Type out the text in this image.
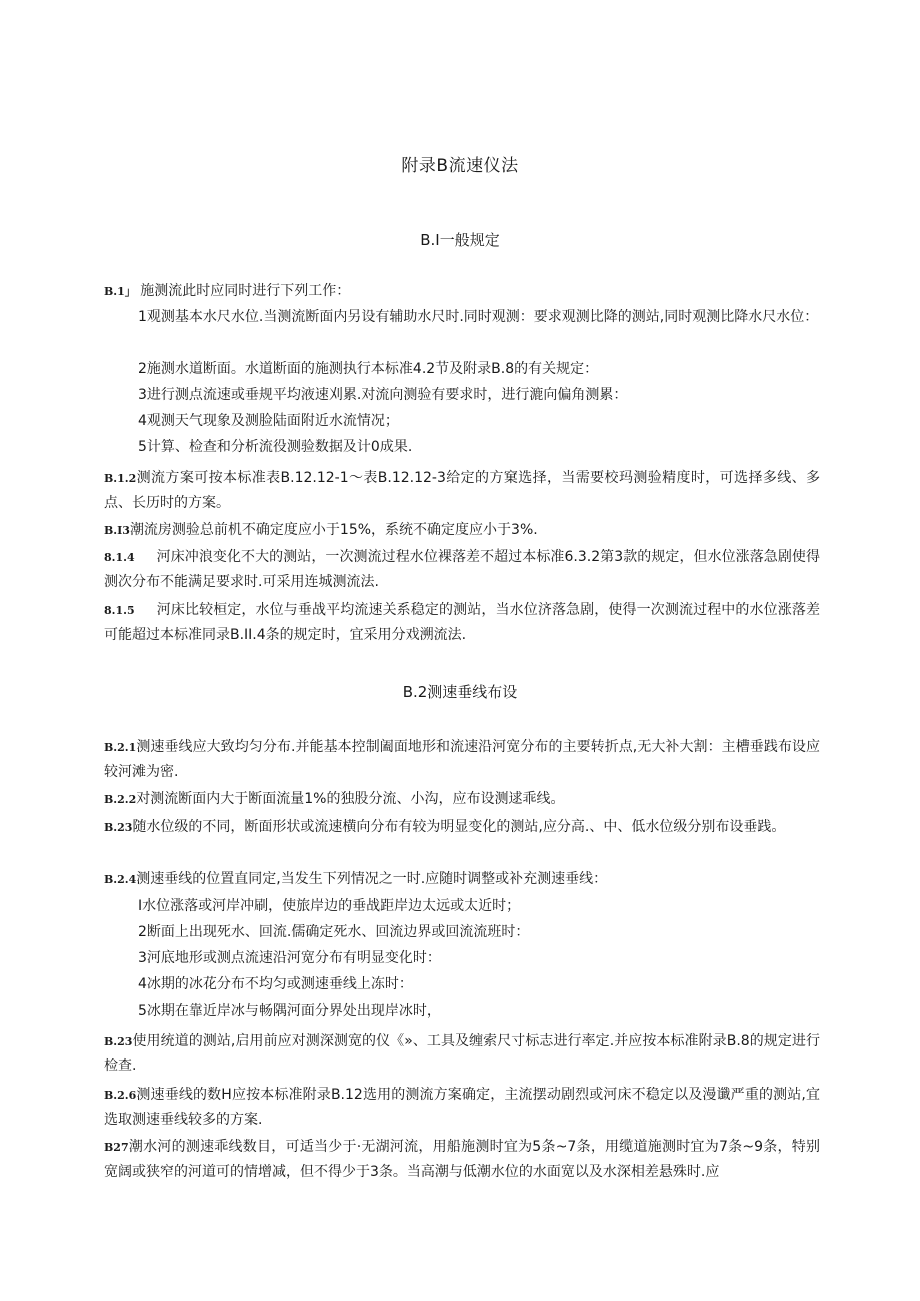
附录B流速仪法
B.I一般规定
B.1」 施测流此时应同时进行下列工作：
1观测基本水尺水位.当测流断面内另设有辅助水尺时.同时观测：要求观测比降的测站,同时观测比降水尺水位：
2施测水道断面。水道断面的施测执行本标准4.2节及附录B.8的有关规定：
3进行测点流速或垂规平均液速刈累.对流向测验有要求时，进行漉向偏角测累：
4观测天气现象及测脸陆面附近水流情况；
5计算、检查和分析流役测验数据及计0成果.
B.1.2测流方案可按本标准表B.12.12-1〜表B.12.12-3给定的方窠选择，当需要校玛测验精度时，可选择多线、多点、长历时的方案。
B.I3潮流房测验总前机不确定度应小于15%，系统不确定度应小于3%.
8.1.4 河床冲浪变化不大的测站，一次测流过程水位裸落差不超过本标准6.3.2第3款的规定，但水位涨落急剧使得测次分布不能满足要求时.可采用连城测流法.
8.1.5 河床比较桓定，水位与垂战平均流速关系稳定的测站，当水位济落急剧，使得一次测流过程中的水位涨落差可能超过本标准同录B.II.4条的规定时，宜采用分戏溯流法.
B.2测速垂线布设
B.2.1测速垂线应大致均匀分布.并能基本控制阖面地形和流速沿河宽分布的主要转折点,无大补大割：主槽垂践布设应较河滩为密.
B.2.2对测流断面内大于断面流量1%的独股分流、小沟，应布设测逑乖线。
B.23随水位级的不同，断面形状或流速横向分布有较为明显变化的测站,应分高.、中、低水位级分别布设垂践。
B.2.4测速垂线的位置直同定,当发生下列情况之一时.应随时调整或补充测速垂线：
I水位涨落或河岸冲刷，使旅岸边的垂战距岸边太远或太近时；
2断面上出现死水、回流.儒确定死水、回流边界或回流流班时：
3河底地形或测点流速沿河宽分布有明显变化时：
4冰期的冰花分布不均匀或测速垂线上冻时：
5冰期在靠近岸冰与畅隅河面分界处出现岸冰时，
B.23使用统道的测站,启用前应对测深测宽的仪《»、工具及缠索尺寸标志进行率定.并应按本标准附录B.8的规定进行检查.
B.2.6测速垂线的数H应按本标准附录B.12选用的测流方案确定，主流摆动剧烈或河床不稳定以及漫谶严重的测站,宜选取测速垂线较多的方案.
B27潮水河的测速乖线数目，可适当少于·无湖河流，用船施测时宜为5条~7条，用缆道施测时宜为7条~9条，特别宽阔或狭窄的河道可的情增减，但不得少于3条。当高潮与低潮水位的水面宽以及水深相差悬殊时.应
